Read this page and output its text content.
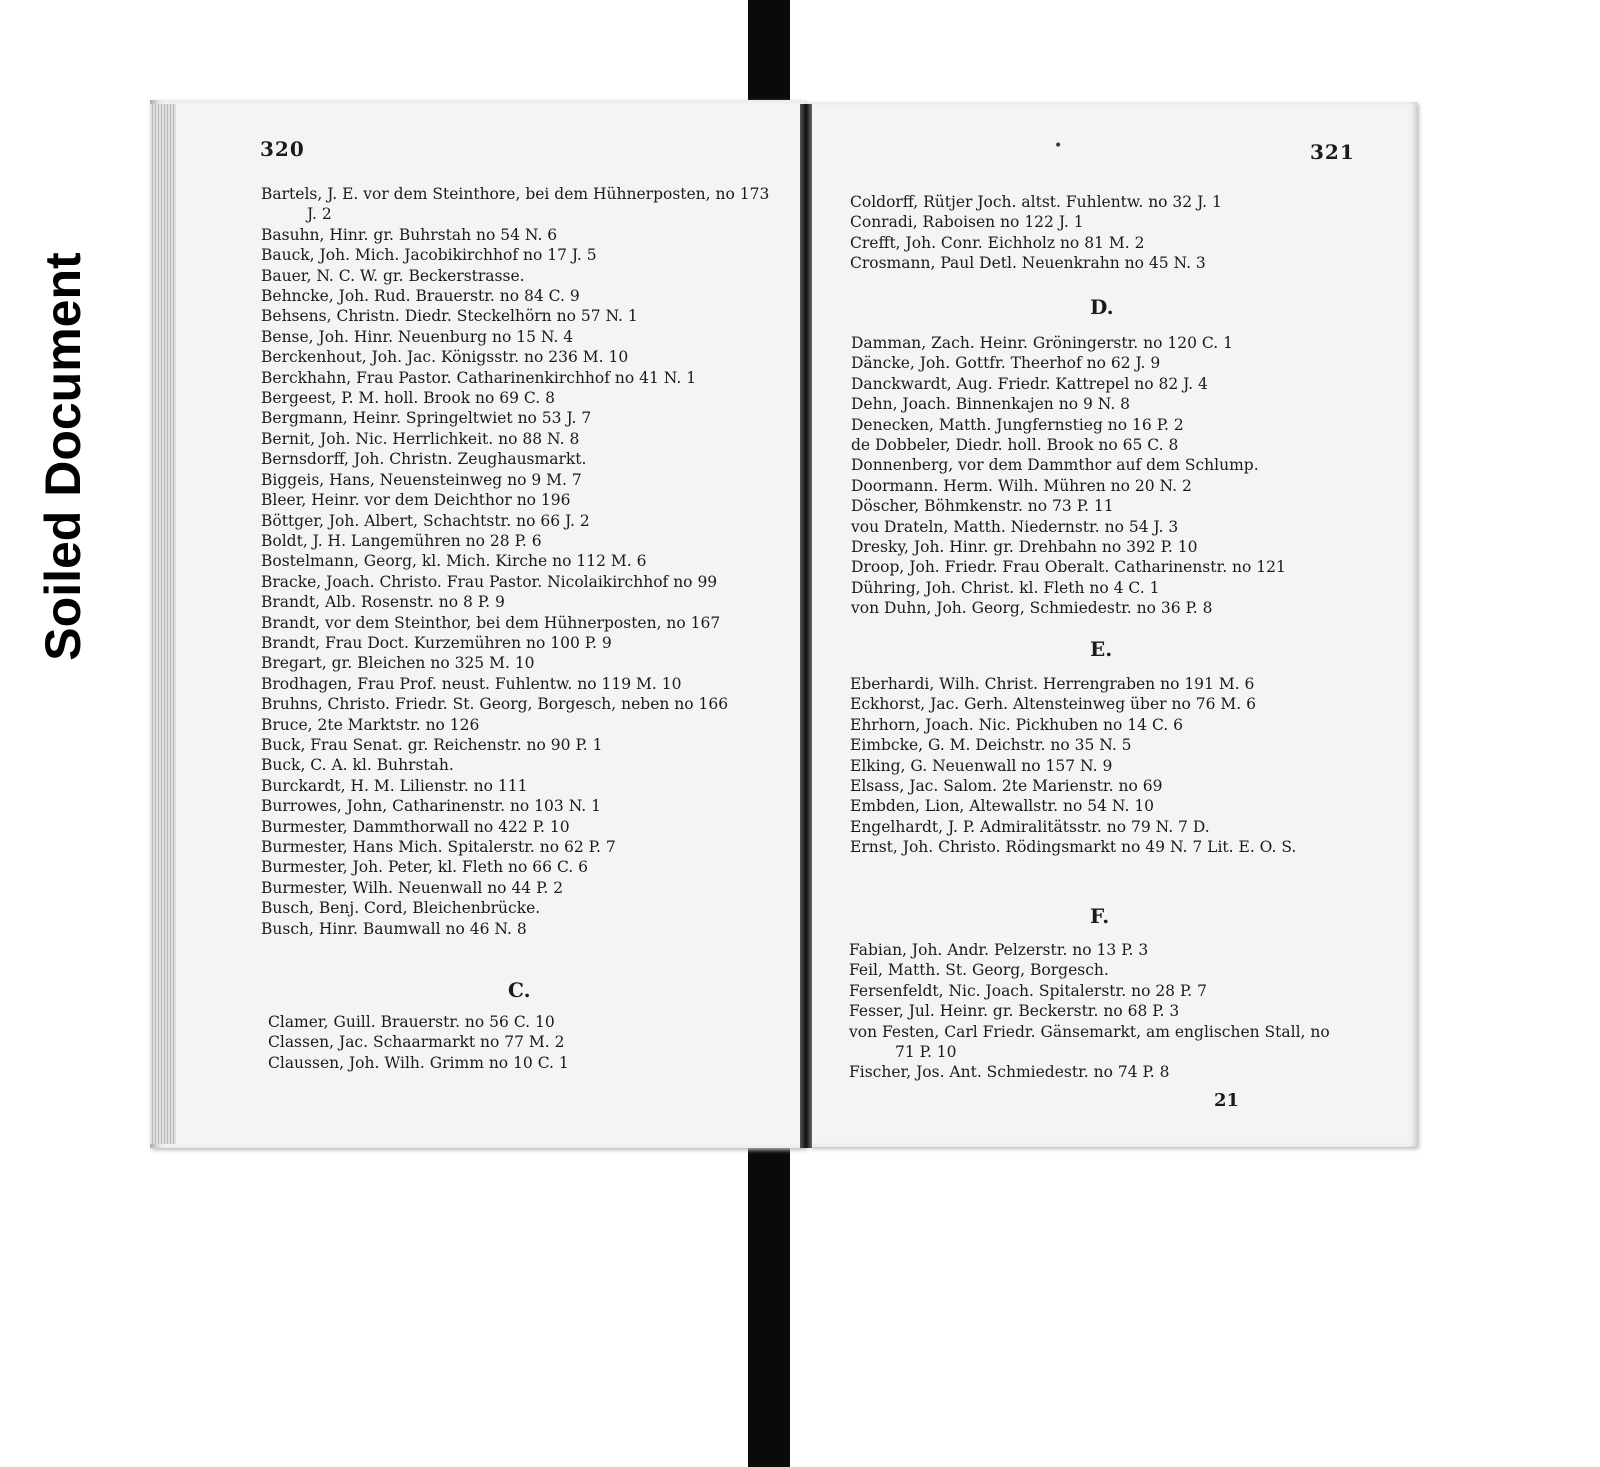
Soiled Document
•
320	321
Bartels, J. E. vor dem Steinthore, bei dem Hühnerposten, no 173 J. 2
Basuhn, Hinr. gr. Buhrstah no 54 N. 6
Bauck, Joh. Mich. Jacobikirchhof no 17 J. 5
Bauer, N. C. W. gr. Beckerstrasse.
Behncke, Joh. Rud. Brauerstr. no 84 C. 9
Behsens, Christn. Diedr. Steckelhörn no 57 N. 1
Bense, Joh. Hinr. Neuenburg no 15 N. 4
Berckenhout, Joh. Jac. Königsstr. no 236 M. 10
Berckhahn, Frau Pastor. Catharinenkirchhof no 41 N. 1
Bergeest, P. M. holl. Brook no 69 C. 8
Bergmann, Heinr. Springeltwiet no 53 J. 7
Bernit, Joh. Nic. Herrlichkeit. no 88 N. 8
Bernsdorff, Joh. Christn. Zeughausmarkt.
Biggeis, Hans, Neuensteinweg no 9 M. 7
Bleer, Heinr. vor dem Deichthor no 196
Böttger, Joh. Albert, Schachtstr. no 66 J. 2
Boldt, J. H. Langemühren no 28 P. 6
Bostelmann, Georg, kl. Mich. Kirche no 112 M. 6
Bracke, Joach. Christo. Frau Pastor. Nicolaikirchhof no 99
Brandt, Alb. Rosenstr. no 8 P. 9
Brandt, vor dem Steinthor, bei dem Hühnerposten, no 167
Brandt, Frau Doct. Kurzemühren no 100 P. 9
Bregart, gr. Bleichen no 325 M. 10
Brodhagen, Frau Prof. neust. Fuhlentw. no 119 M. 10
Bruhns, Christo. Friedr. St. Georg, Borgesch, neben no 166
Bruce, 2te Marktstr. no 126
Buck, Frau Senat. gr. Reichenstr. no 90 P. 1
Buck, C. A. kl. Buhrstah.
Burckardt, H. M. Lilienstr. no 111
Burrowes, John, Catharinenstr. no 103 N. 1
Burmester, Dammthorwall no 422 P. 10
Burmester, Hans Mich. Spitalerstr. no 62 P. 7
Burmester, Joh. Peter, kl. Fleth no 66 C. 6
Burmester, Wilh. Neuenwall no 44 P. 2
Busch, Benj. Cord, Bleichenbrücke.
Busch, Hinr. Baumwall no 46 N. 8
C.
Clamer, Guill. Brauerstr. no 56 C. 10
Classen, Jac. Schaarmarkt no 77 M. 2
Claussen, Joh. Wilh. Grimm no 10 C. 1
Coldorff, Rütjer Joch. altst. Fuhlentw. no 32 J. 1
Conradi, Raboisen no 122 J. 1
Crefft, Joh. Conr. Eichholz no 81 M. 2
Crosmann, Paul Detl. Neuenkrahn no 45 N. 3
D.
Damman, Zach. Heinr. Gröningerstr. no 120 C. 1
Däncke, Joh. Gottfr. Theerhof no 62 J. 9
Danckwardt, Aug. Friedr. Kattrepel no 82 J. 4
Dehn, Joach. Binnenkajen no 9 N. 8
Denecken, Matth. Jungfernstieg no 16 P. 2
de Dobbeler, Diedr. holl. Brook no 65 C. 8
Donnenberg, vor dem Dammthor auf dem Schlump.
Doormann. Herm. Wilh. Mühren no 20 N. 2
Döscher, Böhmkenstr. no 73 P. 11
vou Drateln, Matth. Niedernstr. no 54 J. 3
Dresky, Joh. Hinr. gr. Drehbahn no 392 P. 10
Droop, Joh. Friedr. Frau Oberalt. Catharinenstr. no 121
Dühring, Joh. Christ. kl. Fleth no 4 C. 1
von Duhn, Joh. Georg, Schmiedestr. no 36 P. 8
E.
Eberhardi, Wilh. Christ. Herrengraben no 191 M. 6
Eckhorst, Jac. Gerh. Altensteinweg über no 76 M. 6
Ehrhorn, Joach. Nic. Pickhuben no 14 C. 6
Eimbcke, G. M. Deichstr. no 35 N. 5
Elking, G. Neuenwall no 157 N. 9
Elsass, Jac. Salom. 2te Marienstr. no 69
Embden, Lion, Altewallstr. no 54 N. 10
Engelhardt, J. P. Admiralitätsstr. no 79 N. 7 D.
Ernst, Joh. Christo. Rödingsmarkt no 49 N. 7 Lit. E. O. S.
F.
Fabian, Joh. Andr. Pelzerstr. no 13 P. 3
Feil, Matth. St. Georg, Borgesch.
Fersenfeldt, Nic. Joach. Spitalerstr. no 28 P. 7
Fesser, Jul. Heinr. gr. Beckerstr. no 68 P. 3
von Festen, Carl Friedr. Gänsemarkt, am englischen Stall, no 71 P. 10
Fischer, Jos. Ant. Schmiedestr. no 74 P. 8
21
